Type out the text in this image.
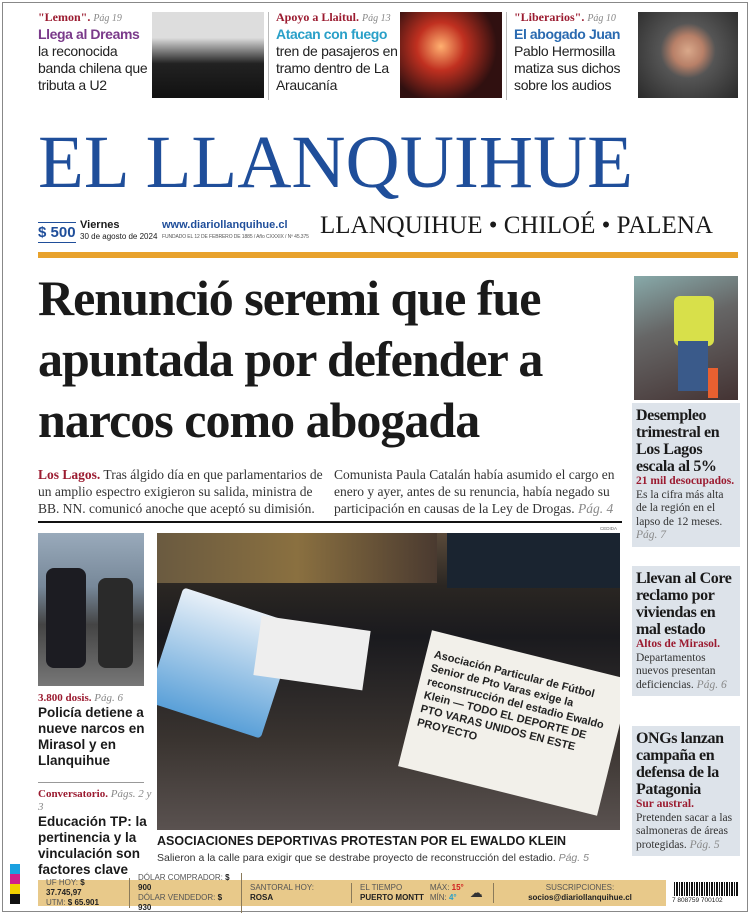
"Lemon". Pág 19
Llega al Dreams
la reconocida banda chilena que tributa a U2
Apoyo a Llaitul. Pág 13
Atacan con fuego
tren de pasajeros en tramo dentro de La Araucanía
"Liberarios". Pág 10
El abogado Juan
Pablo Hermosilla matiza sus dichos sobre los audios
EL LLANQUIHUE
$ 500 Viernes
30 de agosto de 2024
www.diariollanquihue.cl
FUNDADO EL 12 DE FEBRERO DE 1885 / Año CXXXIX / Nº 45.375 LLANQUIHUE • CHILOÉ • PALENA
Renunció seremi que fue apuntada por defender a narcos como abogada
Los Lagos. Tras álgido día en que parlamentarios de un amplio espectro exigieron su salida, ministra de BB. NN. comunicó anoche que aceptó su dimisión.
Comunista Paula Catalán había asumido el cargo en enero y ayer, antes de su renuncia, había negado su participación en causas de la Ley de Drogas. Pág. 4
Desempleo trimestral en Los Lagos escala al 5%

21 mil desocupados. Es la cifra más alta de la región en el lapso de 12 meses. Pág. 7

Llevan al Core reclamo por viviendas en mal estado

Altos de Mirasol.
Departamentos nuevos presentan deficiencias. Pág. 6

ONGs lanzan campaña en defensa de la Patagonia

Sur austral.
Pretenden sacar a las salmoneras de áreas protegidas. Pág. 5

3.800 dosis. Pág. 6
Policía detiene a nueve narcos en Mirasol y en Llanquihue
Conversatorio. Págs. 2 y 3
Educación TP: la pertinencia y la vinculación son factores clave
CEDIDA
Asociación Particular de Fútbol Senior de Pto Varas exige la reconstrucción del estadio Ewaldo Klein — TODO EL DEPORTE DE PTO VARAS UNIDOS EN ESTE PROYECTO
ASOCIACIONES DEPORTIVAS PROTESTAN POR EL EWALDO KLEIN
Salieron a la calle para exigir que se destrabe proyecto de reconstrucción del estadio. Pág. 5
UF HOY: $ 37.745,97
UTM: $ 65.901
DÓLAR COMPRADOR: $ 900
DÓLAR VENDEDOR: $ 930
SANTORAL HOY:
ROSA
EL TIEMPO
PUERTO MONTT
MÁX: 15°
MÍN: 4°	☁	SUSCRIPCIONES:
socios@diariollanquihue.cl	7 808759 700102
